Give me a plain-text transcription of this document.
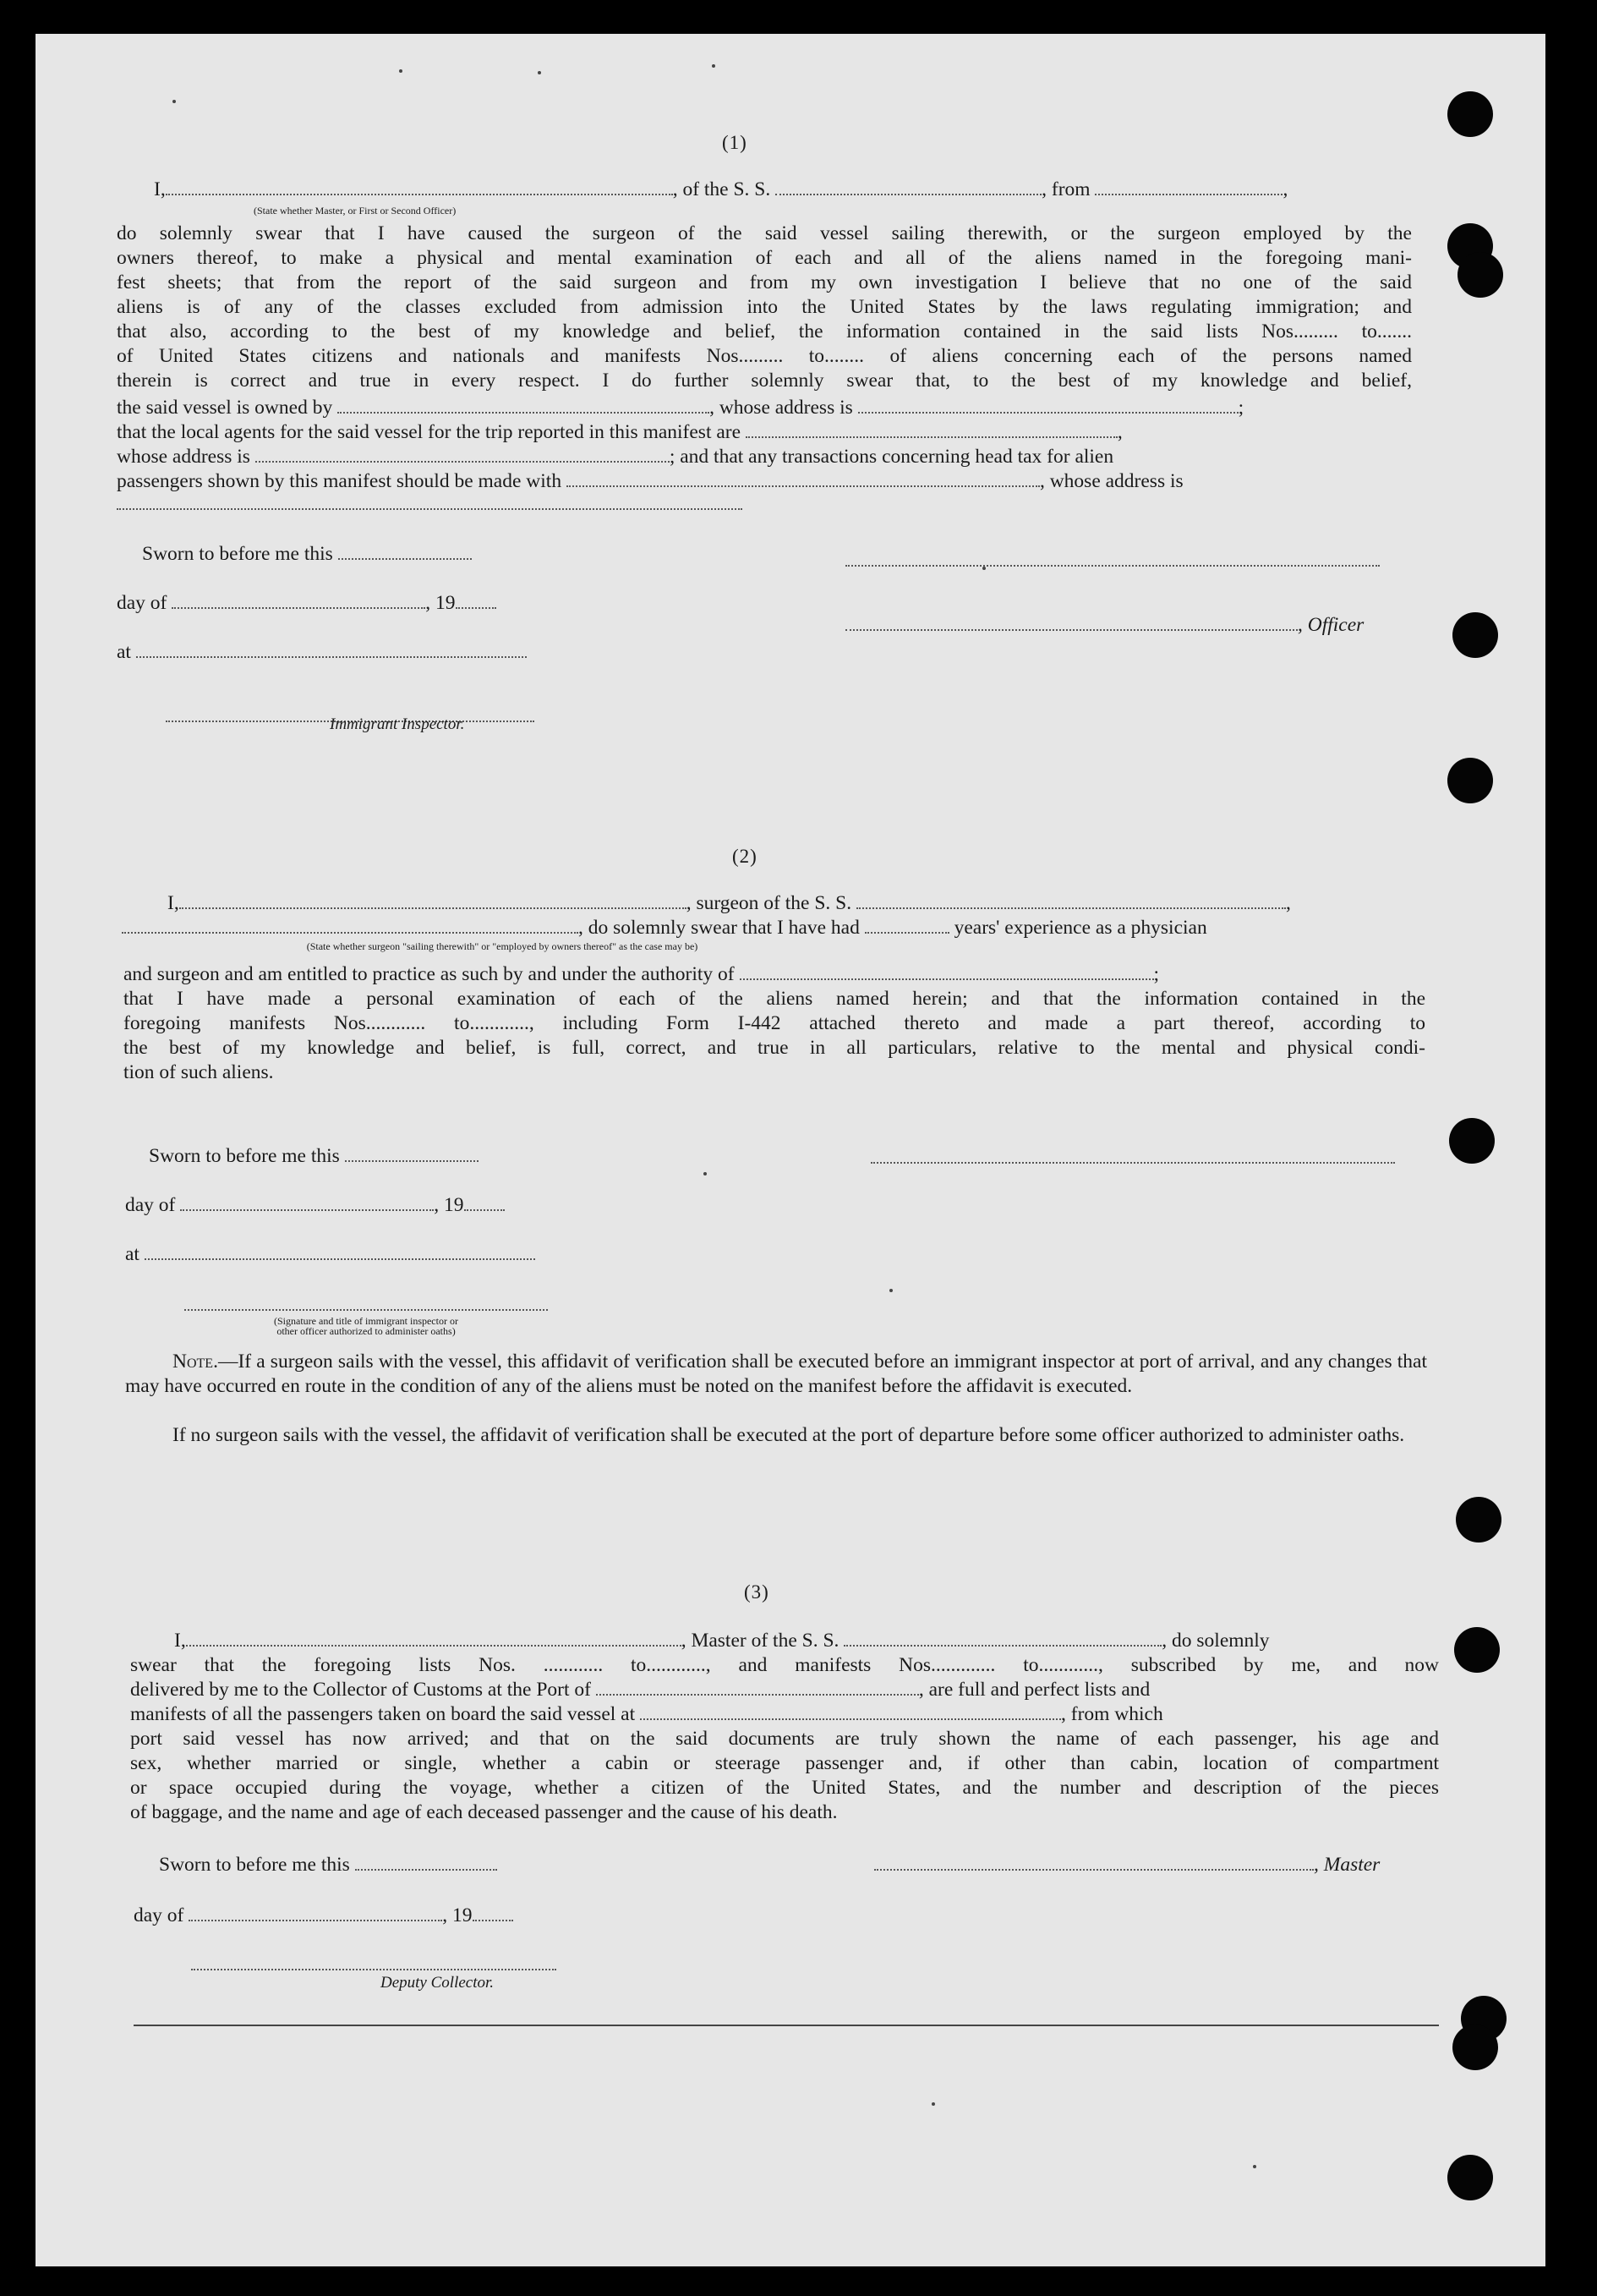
(1)
I,	, of the S. S.	, from	,
(State whether Master, or First or Second Officer)
do solemnly swear that I have caused the surgeon of the said vessel sailing therewith, or the surgeon employed by the
owners thereof, to make a physical and mental examination of each and all of the aliens named in the foregoing mani-
fest sheets; that from the report of the said surgeon and from my own investigation I believe that no one of the said
aliens is of any of the classes excluded from admission into the United States by the laws regulating immigration; and
that also, according to the best of my knowledge and belief, the information contained in the said lists Nos......... to.......
of United States citizens and nationals and manifests Nos......... to........ of aliens concerning each of the persons named
therein is correct and true in every respect. I do further solemnly swear that, to the best of my knowledge and belief,
the said vessel is owned by	, whose address is	;
that the local agents for the said vessel for the trip reported in this manifest are	,
whose address is	; and that any transactions concerning head tax for alien
passengers shown by this manifest should be made with	, whose address is
Sworn to before me this
day of	, 19
at
Immigrant Inspector.
, Officer
(2)
I,	, surgeon of the S. S.	,
, do solemnly swear that I have had	years' experience as a physician
(State whether surgeon "sailing therewith" or "employed by owners thereof" as the case may be)
and surgeon and am entitled to practice as such by and under the authority of	;
that I have made a personal examination of each of the aliens named herein; and that the information contained in the
foregoing manifests Nos............ to............, including Form I-442 attached thereto and made a part thereof, according to
the best of my knowledge and belief, is full, correct, and true in all particulars, relative to the mental and physical condi-
tion of such aliens.
Sworn to before me this
day of	, 19
at
(Signature and title of immigrant inspector or
other officer authorized to administer oaths)
Note.—If a surgeon sails with the vessel, this affidavit of verification shall be executed before an immigrant inspector at port of arrival, and any changes that may have occurred en route in the condition of any of the aliens must be noted on the manifest before the affidavit is executed.
If no surgeon sails with the vessel, the affidavit of verification shall be executed at the port of departure before some officer authorized to administer oaths.
(3)
I,	, Master of the S. S.	, do solemnly
swear that the foregoing lists Nos. ............ to............, and manifests Nos............. to............, subscribed by me, and now
delivered by me to the Collector of Customs at the Port of	, are full and perfect lists and
manifests of all the passengers taken on board the said vessel at	, from which
port said vessel has now arrived; and that on the said documents are truly shown the name of each passenger, his age and
sex, whether married or single, whether a cabin or steerage passenger and, if other than cabin, location of compartment
or space occupied during the voyage, whether a citizen of the United States, and the number and description of the pieces
of baggage, and the name and age of each deceased passenger and the cause of his death.
Sworn to before me this	, Master
day of	, 19
Deputy Collector.
